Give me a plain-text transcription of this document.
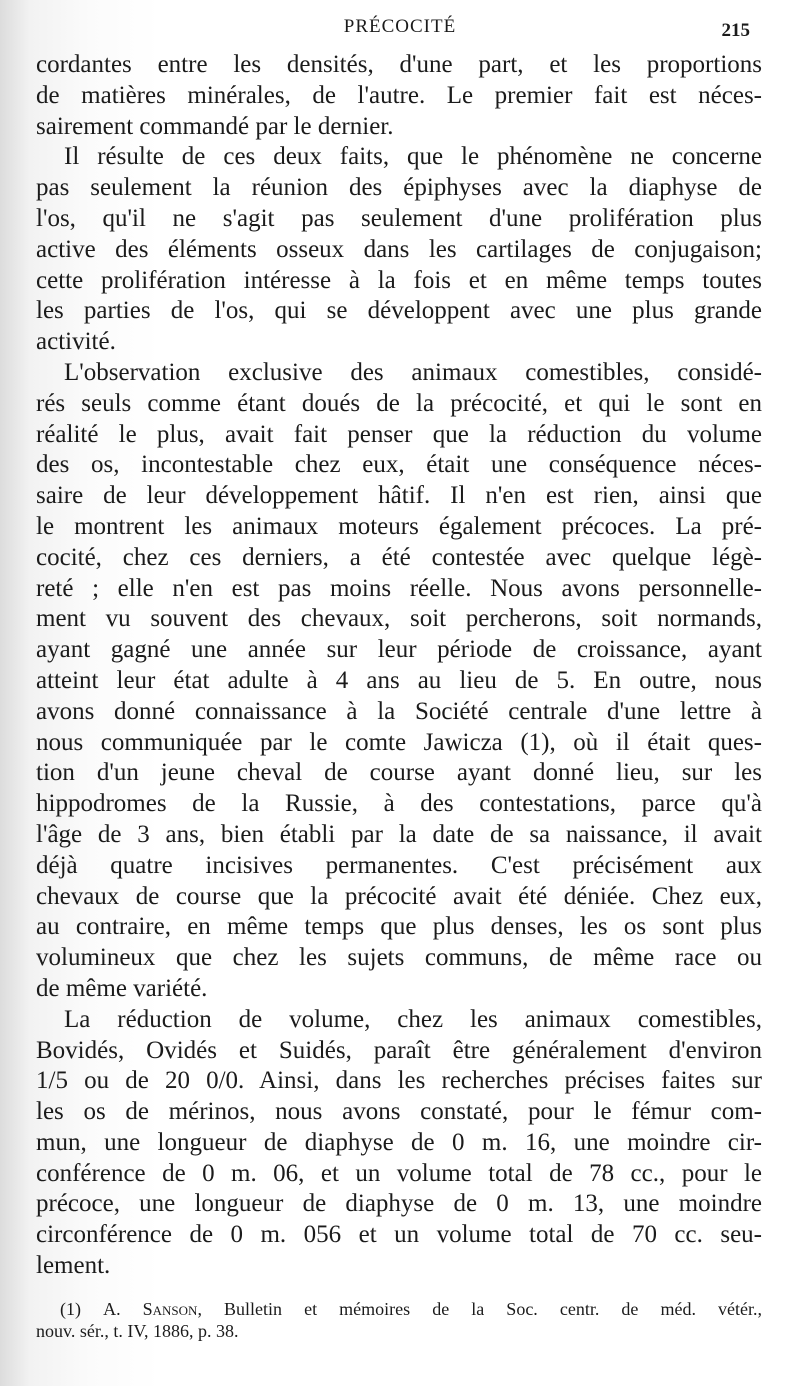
PRÉCOCITÉ	215
cordantes entre les densités, d'une part, et les proportions
de matières minérales, de l'autre. Le premier fait est néces-
sairement commandé par le dernier.
Il résulte de ces deux faits, que le phénomène ne concerne
pas seulement la réunion des épiphyses avec la diaphyse de
l'os, qu'il ne s'agit pas seulement d'une prolifération plus
active des éléments osseux dans les cartilages de conjugaison;
cette prolifération intéresse à la fois et en même temps toutes
les parties de l'os, qui se développent avec une plus grande
activité.
L'observation exclusive des animaux comestibles, considé-
rés seuls comme étant doués de la précocité, et qui le sont en
réalité le plus, avait fait penser que la réduction du volume
des os, incontestable chez eux, était une conséquence néces-
saire de leur développement hâtif. Il n'en est rien, ainsi que
le montrent les animaux moteurs également précoces. La pré-
cocité, chez ces derniers, a été contestée avec quelque légè-
reté ; elle n'en est pas moins réelle. Nous avons personnelle-
ment vu souvent des chevaux, soit percherons, soit normands,
ayant gagné une année sur leur période de croissance, ayant
atteint leur état adulte à 4 ans au lieu de 5. En outre, nous
avons donné connaissance à la Société centrale d'une lettre à
nous communiquée par le comte Jawicza (1), où il était ques-
tion d'un jeune cheval de course ayant donné lieu, sur les
hippodromes de la Russie, à des contestations, parce qu'à
l'âge de 3 ans, bien établi par la date de sa naissance, il avait
déjà quatre incisives permanentes. C'est précisément aux
chevaux de course que la précocité avait été déniée. Chez eux,
au contraire, en même temps que plus denses, les os sont plus
volumineux que chez les sujets communs, de même race ou
de même variété.
La réduction de volume, chez les animaux comestibles,
Bovidés, Ovidés et Suidés, paraît être généralement d'environ
1/5 ou de 20 0/0. Ainsi, dans les recherches précises faites sur
les os de mérinos, nous avons constaté, pour le fémur com-
mun, une longueur de diaphyse de 0 m. 16, une moindre cir-
conférence de 0 m. 06, et un volume total de 78 cc., pour le
précoce, une longueur de diaphyse de 0 m. 13, une moindre
circonférence de 0 m. 056 et un volume total de 70 cc. seu-
lement.
(1) A. Sanson, Bulletin et mémoires de la Soc. centr. de méd. vétér.,
nouv. sér., t. IV, 1886, p. 38.
